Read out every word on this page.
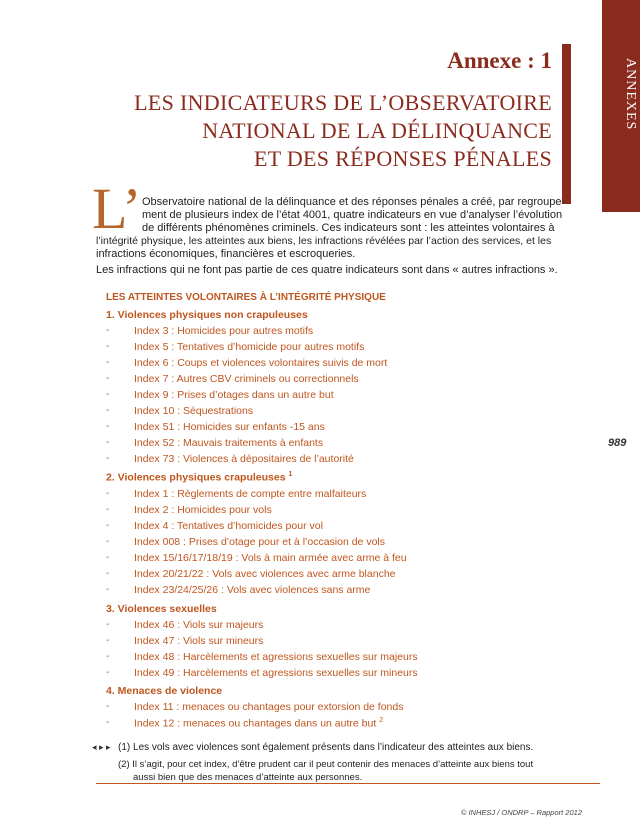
ANNEXES
Annexe : 1
LES INDICATEURS DE L’OBSERVATOIRE
NATIONAL DE LA DÉLINQUANCE
ET DES RÉPONSES PÉNALES
L’ Observatoire national de la délinquance et des réponses pénales a créé, par regroupe-
ment de plusieurs index de l’état 4001, quatre indicateurs en vue d’analyser l’évolution
de différents phénomènes criminels. Ces indicateurs sont : les atteintes volontaires à
l’intégrité physique, les atteintes aux biens, les infractions révélées par l’action des services, et les
infractions économiques, financières et escroqueries.
Les infractions qui ne font pas partie de ces quatre indicateurs sont dans « autres infractions ».
LES ATTEINTES VOLONTAIRES À L’INTÉGRITÉ PHYSIQUE
1. Violences physiques non crapuleuses
- Index 3 : Homicides pour autres motifs
- Index 5 : Tentatives d’homicide pour autres motifs
- Index 6 : Coups et violences volontaires suivis de mort
- Index 7 : Autres CBV criminels ou correctionnels
- Index 9 : Prises d’otages dans un autre but
- Index 10 : Séquestrations
- Index 51 : Homicides sur enfants -15 ans
- Index 52 : Mauvais traitements à enfants
- Index 73 : Violences à dépositaires de l’autorité
989
2. Violences physiques crapuleuses $^1$
- Index 1 : Règlements de compte entre malfaiteurs
- Index 2 : Homicides pour vols
- Index 4 : Tentatives d’homicides pour vol
- Index 008 : Prises d’otage pour et à l’occasion de vols
- Index 15/16/17/18/19 : Vols à main armée avec arme à feu
- Index 20/21/22 : Vols avec violences avec arme blanche
- Index 23/24/25/26 : Vols avec violences sans arme
3. Violences sexuelles
- Index 46 : Viols sur majeurs
- Index 47 : Viols sur mineurs
- Index 48 : Harcèlements et agressions sexuelles sur majeurs
- Index 49 : Harcèlements et agressions sexuelles sur mineurs
4. Menaces de violence
- Index 11 : menaces ou chantages pour extorsion de fonds
- Index 12 : menaces ou chantages dans un autre but $^2$
◂ ▸ ▸ (1) Les vols avec violences sont également présents dans l’indicateur des atteintes aux biens.
(2) Il s’agit, pour cet index, d’être prudent car il peut contenir des menaces d’atteinte aux biens tout
aussi bien que des menaces d’atteinte aux personnes.
© INHESJ / ONDRP – Rapport 2012
